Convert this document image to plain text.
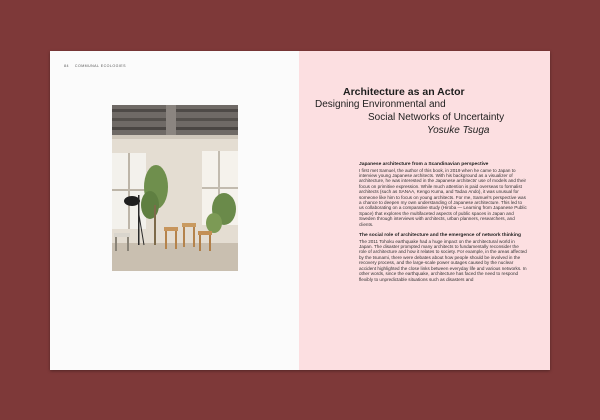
84 COMMUNAL ECOLOGIES

Architecture as an Actor

Designing Environmental and

Social Networks of Uncertainty

Yosuke Tsuga

Japanese architecture from a Scandinavian perspective

I first met Samuel, the author of this book, in 2019 when he came to Japan to interview young Japanese architects. With his background as a visualizer of architecture, he was interested in the Japanese architects’ use of models and their focus on primitive expression. While much attention is paid overseas to formalist architects (such as SANAA, Kengo Kuma, and Tadao Ando), it was unusual for someone like him to focus on young architects. For me, Samuel’s perspective was a chance to deepen my own understanding of Japanese architecture. This led to us collaborating on a comparative study (Hiroba — Learning from Japanese Public Space) that explores the multifaceted aspects of public spaces in Japan and Sweden through interviews with architects, urban planners, researchers, and clients.

The social role of architecture and the emergence of network thinking

The 2011 Tohoku earthquake had a huge impact on the architectural world in Japan. The disaster prompted many architects to fundamentally reconsider the role of architecture and how it relates to society. For example, in the areas affected by the tsunami, there were debates about how people should be involved in the recovery process, and the large-scale power outages caused by the nuclear accident highlighted the close links between everyday life and various networks. In other words, since the earthquake, architecture has faced the need to respond flexibly to unpredictable situations such as disasters and
